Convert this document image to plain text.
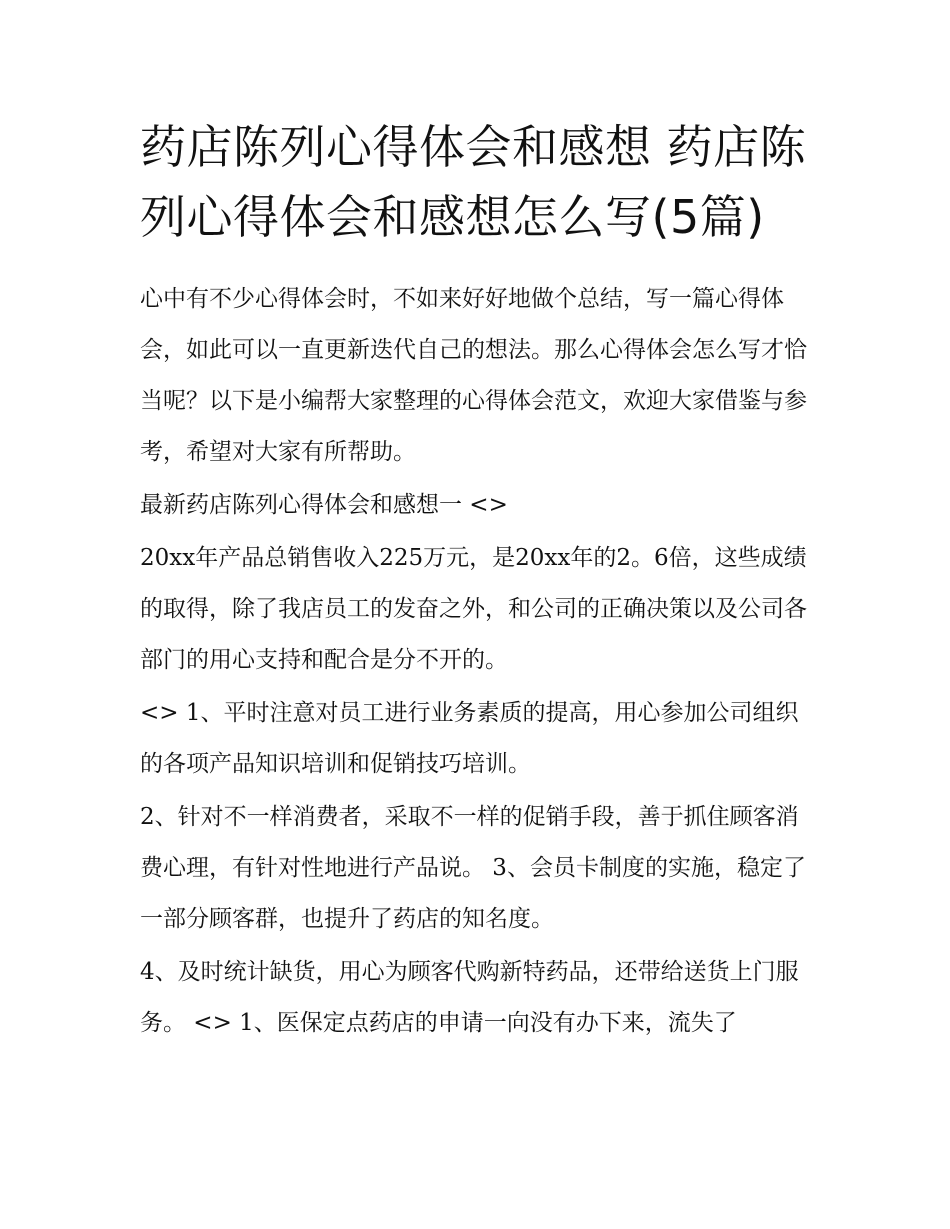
药店陈列心得体会和感想 药店陈列心得体会和感想怎么写(5篇)

心中有不少心得体会时，不如来好好地做个总结，写一篇心得体会，如此可以一直更新迭代自己的想法。那么心得体会怎么写才恰当呢？以下是小编帮大家整理的心得体会范文，欢迎大家借鉴与参考，希望对大家有所帮助。

最新药店陈列心得体会和感想一 <>

20xx年产品总销售收入225万元，是20xx年的2。6倍，这些成绩的取得，除了我店员工的发奋之外，和公司的正确决策以及公司各部门的用心支持和配合是分不开的。

<> 1、平时注意对员工进行业务素质的提高，用心参加公司组织的各项产品知识培训和促销技巧培训。

2、针对不一样消费者，采取不一样的促销手段，善于抓住顾客消费心理，有针对性地进行产品说。 3、会员卡制度的实施，稳定了一部分顾客群，也提升了药店的知名度。

4、及时统计缺货，用心为顾客代购新特药品，还带给送货上门服务。 <> 1、医保定点药店的申请一向没有办下来，流失了
